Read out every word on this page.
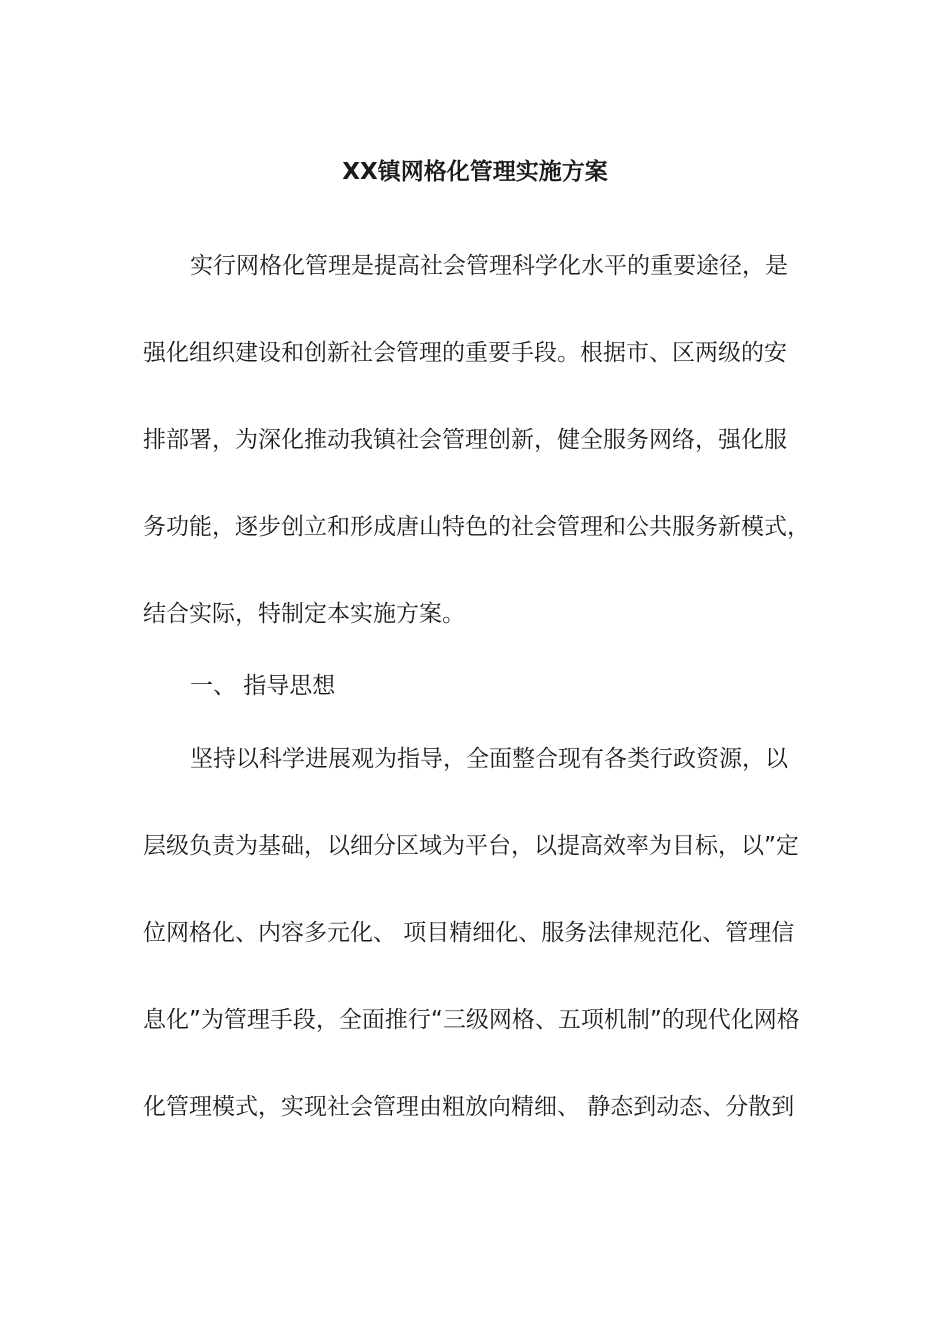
XX镇网格化管理实施方案
实行网格化管理是提高社会管理科学化水平的重要途径，是
强化组织建设和创新社会管理的重要手段。根据市、区两级的安
排部署，为深化推动我镇社会管理创新，健全服务网络，强化服
务功能，逐步创立和形成唐山特色的社会管理和公共服务新模式，
结合实际，特制定本实施方案。
一、 指导思想
坚持以科学进展观为指导，全面整合现有各类行政资源，以
层级负责为基础，以细分区域为平台，以提高效率为目标，以”定
位网格化、内容多元化、 项目精细化、服务法律规范化、管理信
息化”为管理手段，全面推行“三级网格、五项机制”的现代化网格
化管理模式，实现社会管理由粗放向精细、 静态到动态、分散到
